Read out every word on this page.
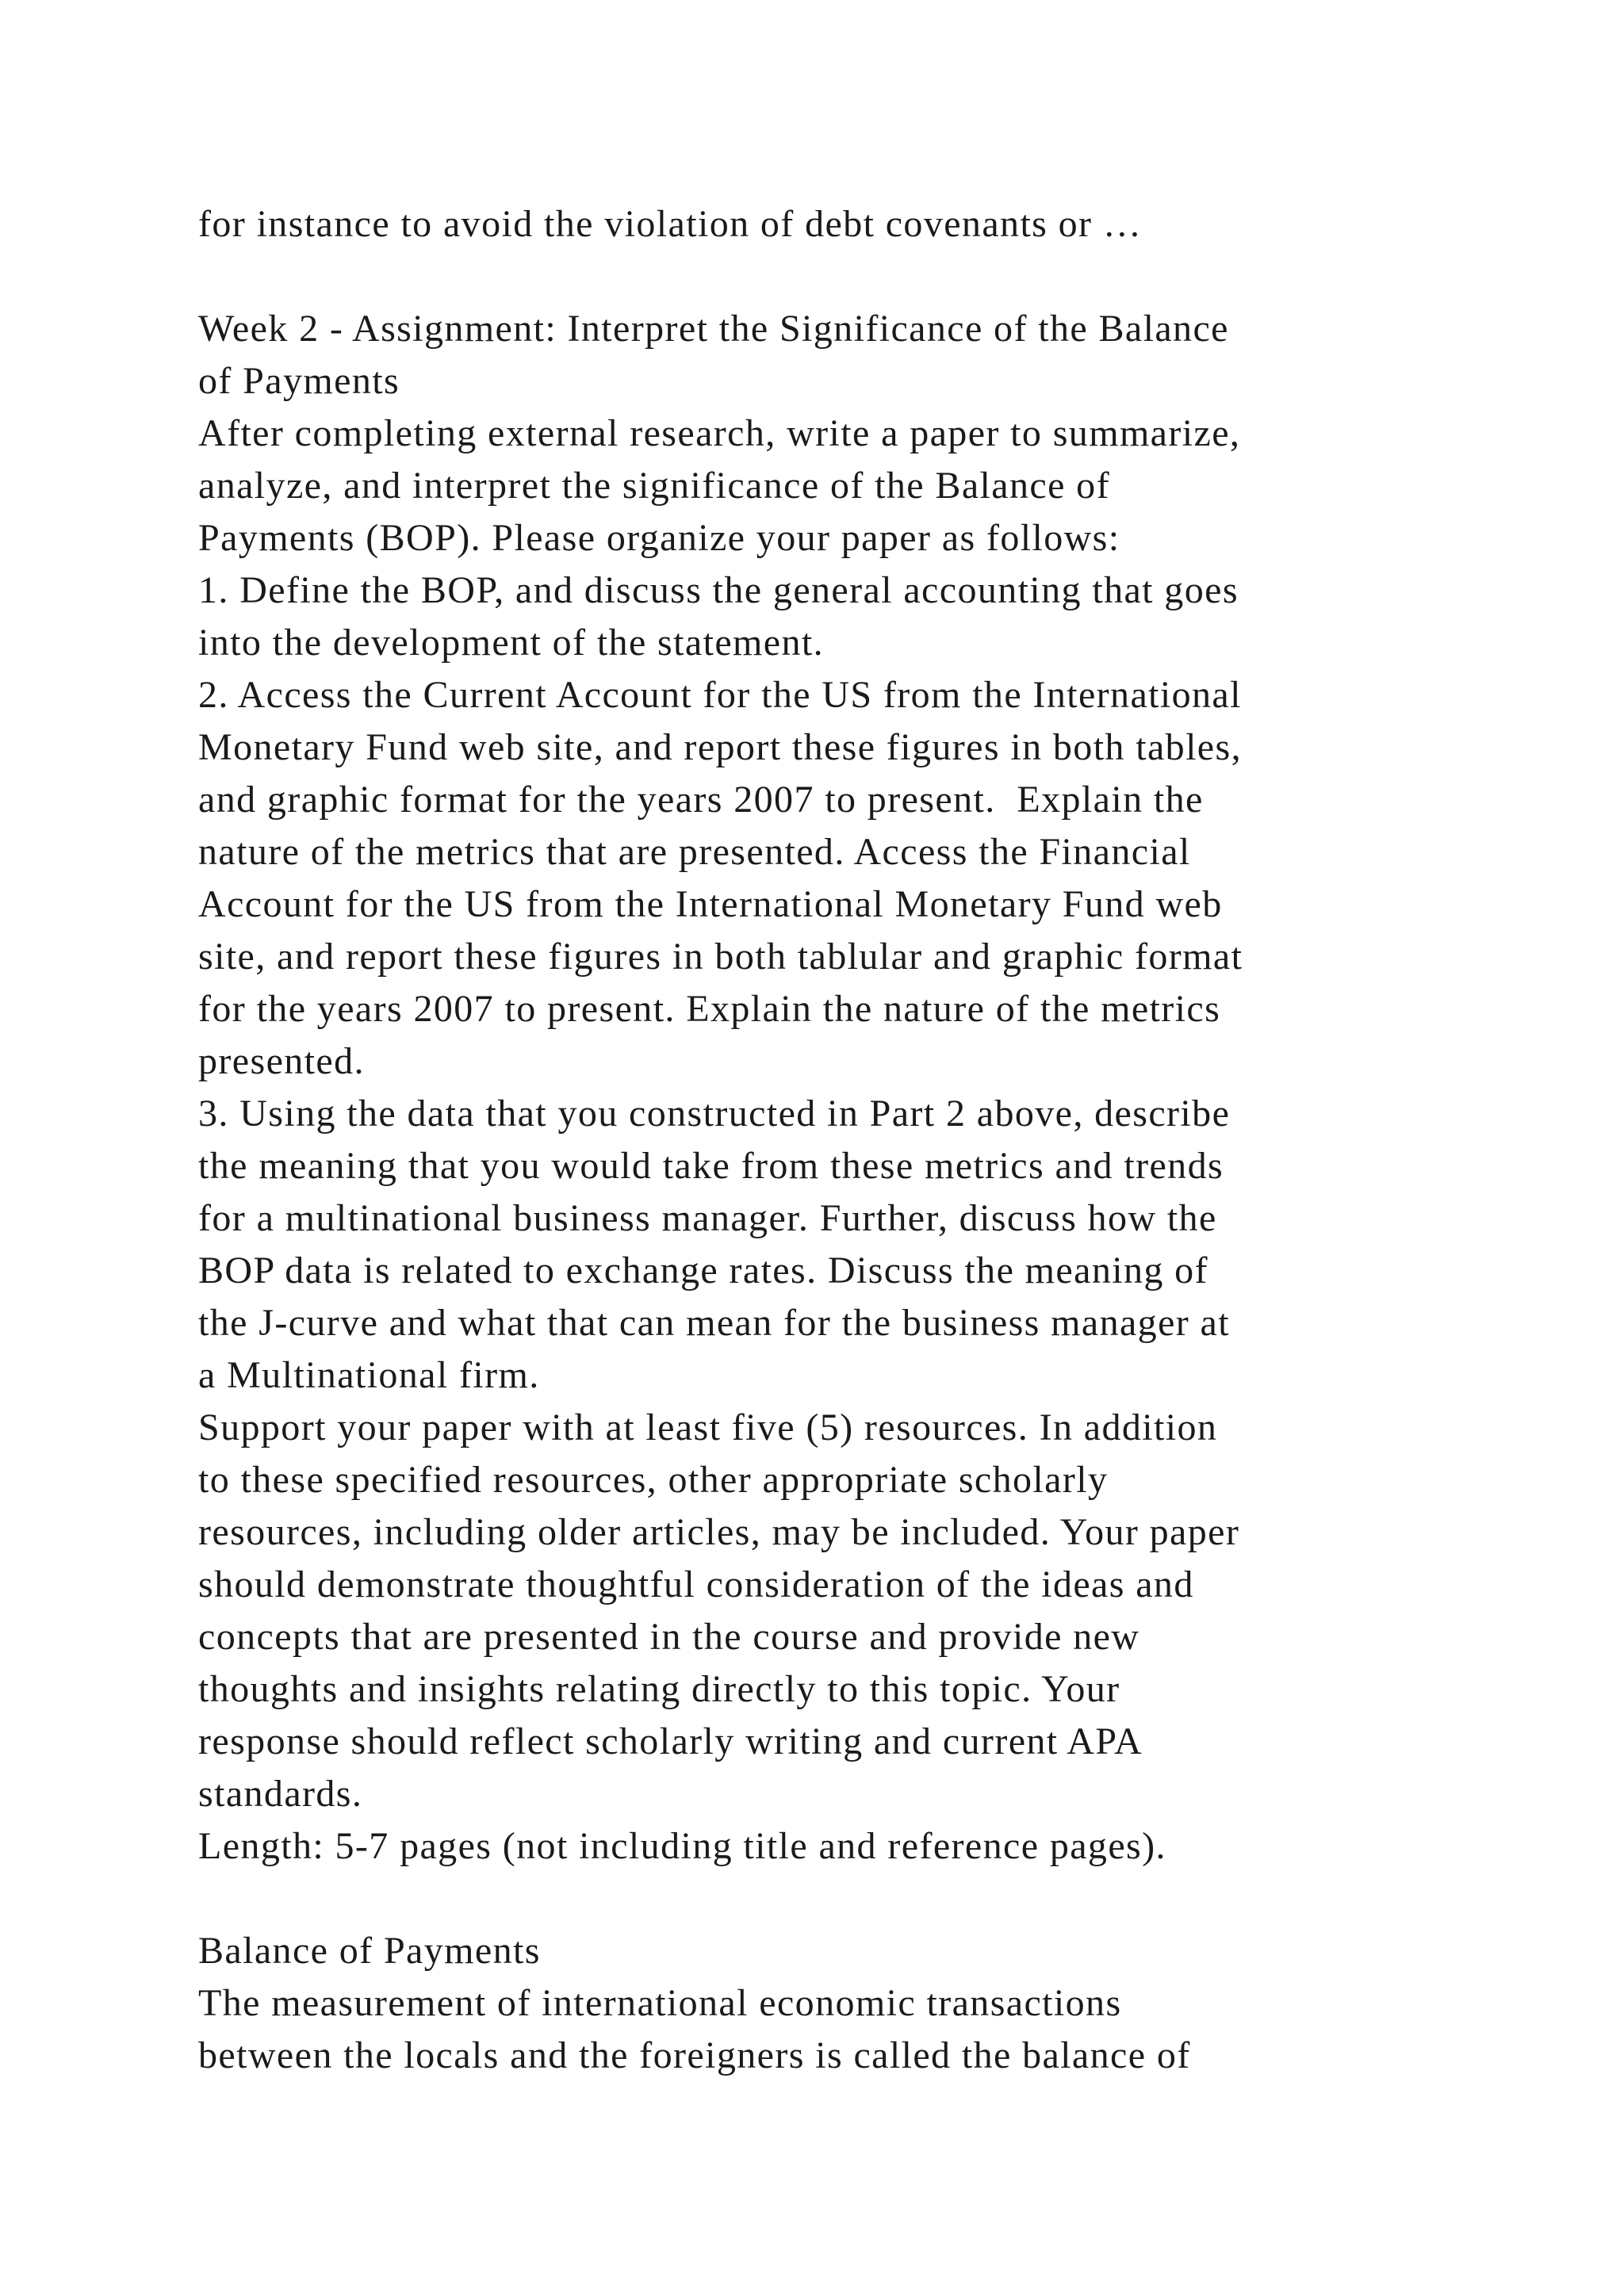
for instance to avoid the violation of debt covenants or …
Week 2 - Assignment: Interpret the Significance of the Balance
of Payments
After completing external research, write a paper to summarize,
analyze, and interpret the significance of the Balance of
Payments (BOP). Please organize your paper as follows:
1. Define the BOP, and discuss the general accounting that goes
into the development of the statement.
2. Access the Current Account for the US from the International
Monetary Fund web site, and report these figures in both tables,
and graphic format for the years 2007 to present.  Explain the
nature of the metrics that are presented. Access the Financial
Account for the US from the International Monetary Fund web
site, and report these figures in both tablular and graphic format
for the years 2007 to present. Explain the nature of the metrics
presented.
3. Using the data that you constructed in Part 2 above, describe
the meaning that you would take from these metrics and trends
for a multinational business manager. Further, discuss how the
BOP data is related to exchange rates. Discuss the meaning of
the J-curve and what that can mean for the business manager at
a Multinational firm.
Support your paper with at least five (5) resources. In addition
to these specified resources, other appropriate scholarly
resources, including older articles, may be included. Your paper
should demonstrate thoughtful consideration of the ideas and
concepts that are presented in the course and provide new
thoughts and insights relating directly to this topic. Your
response should reflect scholarly writing and current APA
standards.
Length: 5-7 pages (not including title and reference pages).
Balance of Payments
The measurement of international economic transactions
between the locals and the foreigners is called the balance of
